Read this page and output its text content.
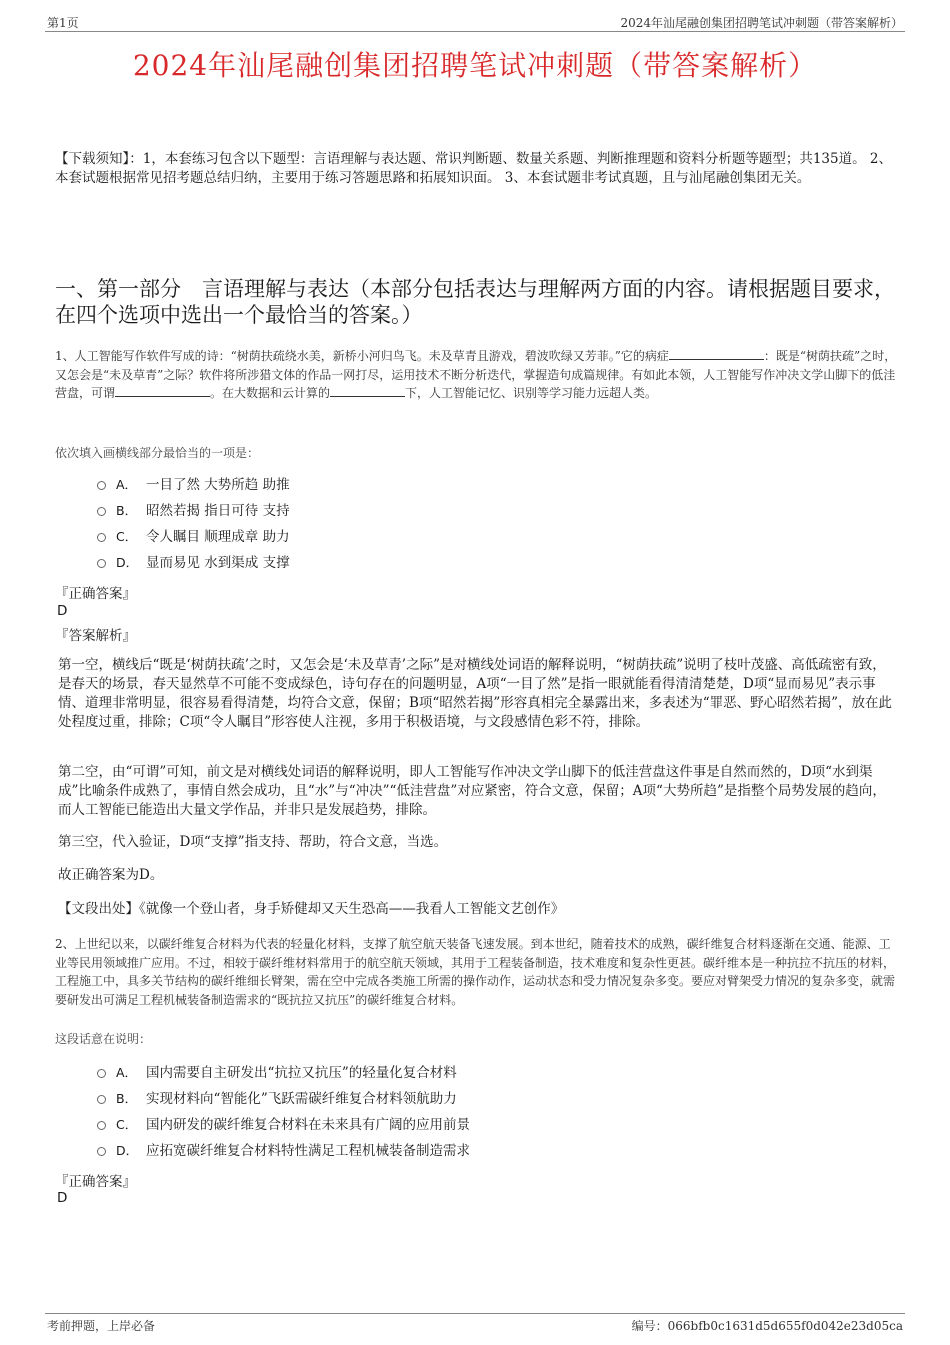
第1页	2024年汕尾融创集团招聘笔试冲刺题（带答案解析）
2024年汕尾融创集团招聘笔试冲刺题（带答案解析）
【下载须知】：1，本套练习包含以下题型：言语理解与表达题、常识判断题、数量关系题、判断推理题和资料分析题等题型；共135道。 2、本套试题根据常见招考题总结归纳，主要用于练习答题思路和拓展知识面。 3、本套试题非考试真题，且与汕尾融创集团无关。
一、第一部分　言语理解与表达（本部分包括表达与理解两方面的内容。请根据题目要求，在四个选项中选出一个最恰当的答案。）
1、人工智能写作软件写成的诗：“树荫扶疏绕水美，新桥小河归鸟飞。未及草青且游戏，碧波吹绿又芳菲。”它的病症	：既是“树荫扶疏”之时，又怎会是“未及草青”之际？软件将所涉猎文体的作品一网打尽，运用技术不断分析迭代，掌握造句成篇规律。有如此本领，人工智能写作冲决文学山脚下的低洼营盘，可谓	。在大数据和云计算的	下，人工智能记忆、识别等学习能力远超人类。
依次填入画横线部分最恰当的一项是：
A． 一目了然 大势所趋 助推
B． 昭然若揭 指日可待 支持
C． 令人瞩目 顺理成章 助力
D． 显而易见 水到渠成 支撑
『正确答案』
D
『答案解析』
第一空，横线后“既是‘树荫扶疏’之时，又怎会是‘未及草青’之际”是对横线处词语的解释说明，“树荫扶疏”说明了枝叶茂盛、高低疏密有致，是春天的场景，春天显然草不可能不变成绿色，诗句存在的问题明显，A项“一目了然”是指一眼就能看得清清楚楚，D项“显而易见”表示事情、道理非常明显，很容易看得清楚，均符合文意，保留；B项“昭然若揭”形容真相完全暴露出来，多表述为“罪恶、野心昭然若揭”，放在此处程度过重，排除；C项“令人瞩目”形容使人注视，多用于积极语境，与文段感情色彩不符，排除。
第二空，由“可谓”可知，前文是对横线处词语的解释说明，即人工智能写作冲决文学山脚下的低洼营盘这件事是自然而然的，D项“水到渠成”比喻条件成熟了，事情自然会成功，且“水”与“冲决”“低洼营盘”对应紧密，符合文意，保留；A项“大势所趋”是指整个局势发展的趋向，而人工智能已能造出大量文学作品，并非只是发展趋势，排除。
第三空，代入验证，D项“支撑”指支持、帮助，符合文意，当选。
故正确答案为D。
【文段出处】《就像一个登山者，身手矫健却又天生恐高——我看人工智能文艺创作》
2、上世纪以来，以碳纤维复合材料为代表的轻量化材料，支撑了航空航天装备飞速发展。到本世纪，随着技术的成熟，碳纤维复合材料逐渐在交通、能源、工业等民用领域推广应用。不过，相较于碳纤维材料常用于的航空航天领域，其用于工程装备制造，技术难度和复杂性更甚。碳纤维本是一种抗拉不抗压的材料，工程施工中，具多关节结构的碳纤维细长臂架，需在空中完成各类施工所需的操作动作，运动状态和受力情况复杂多变。要应对臂架受力情况的复杂多变，就需要研发出可满足工程机械装备制造需求的“既抗拉又抗压”的碳纤维复合材料。
这段话意在说明：
A． 国内需要自主研发出“抗拉又抗压”的轻量化复合材料
B． 实现材料向“智能化”飞跃需碳纤维复合材料领航助力
C． 国内研发的碳纤维复合材料在未来具有广阔的应用前景
D． 应拓宽碳纤维复合材料特性满足工程机械装备制造需求
『正确答案』
D
考前押题，上岸必备	编号：066bfb0c1631d5d655f0d042e23d05ca
